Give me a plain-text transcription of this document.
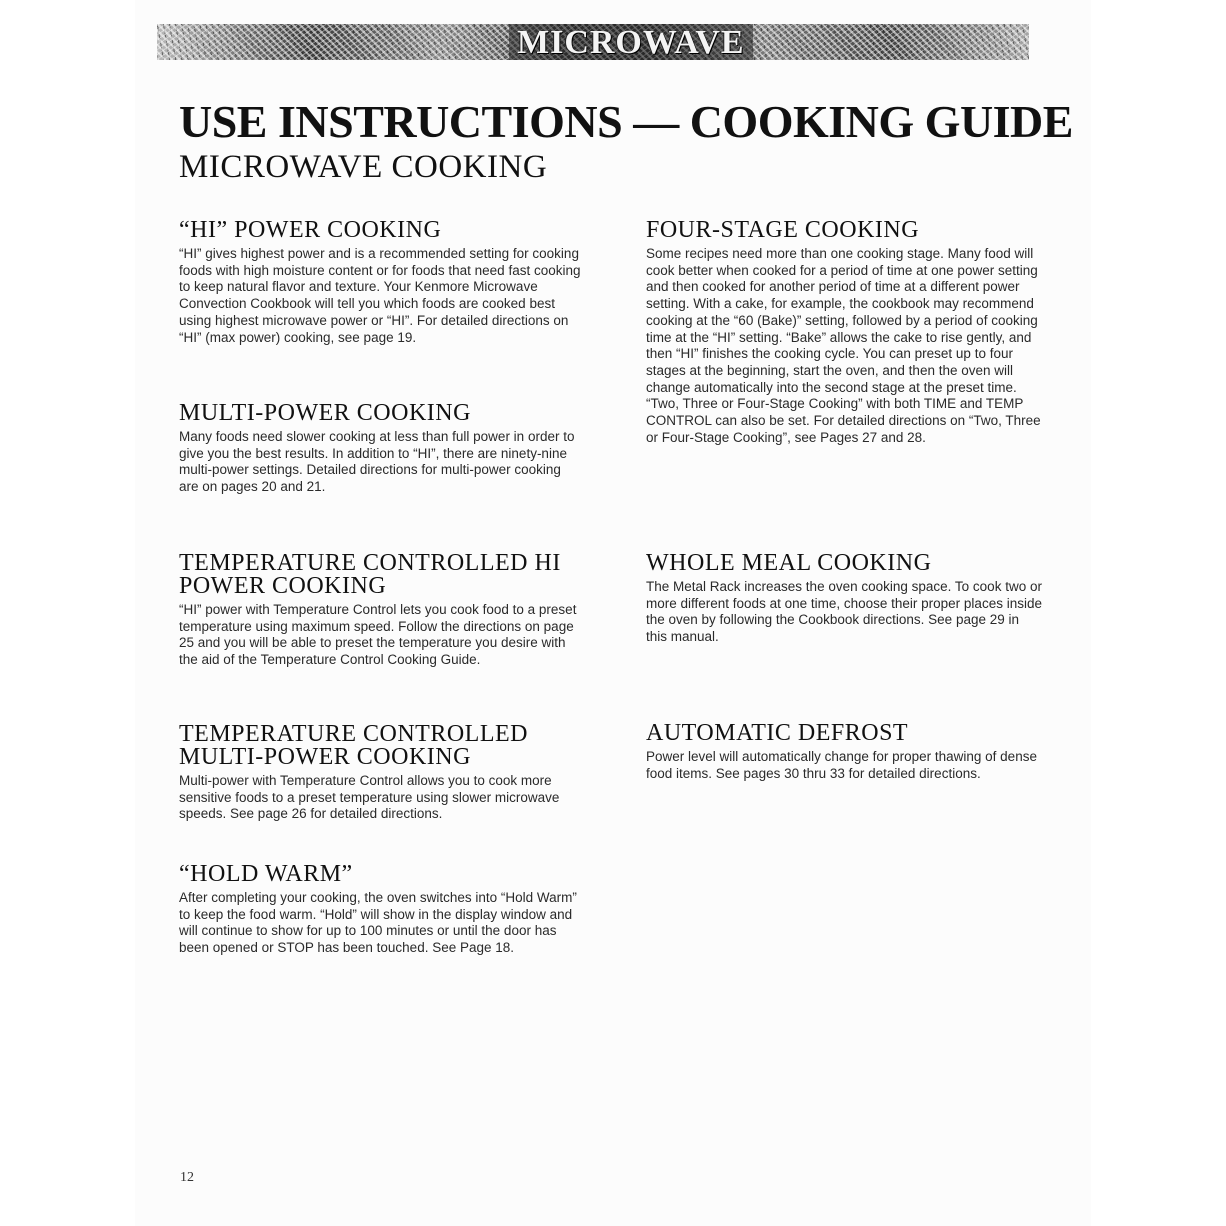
MICROWAVE
USE INSTRUCTIONS — COOKING GUIDE
MICROWAVE COOKING
“HI” POWER COOKING

“HI” gives highest power and is a recommended setting for cooking foods with high moisture content or for foods that need fast cooking to keep natural flavor and texture. Your Kenmore Microwave Convection Cookbook will tell you which foods are cooked best using highest microwave power or “HI”. For detailed directions on “HI” (max power) cooking, see page 19.

MULTI-POWER COOKING

Many foods need slower cooking at less than full power in order to give you the best results. In addition to “HI”, there are ninety-nine multi-power settings. Detailed directions for multi-power cooking are on pages 20 and 21.

TEMPERATURE CONTROLLED HI POWER COOKING

“HI” power with Temperature Control lets you cook food to a preset temperature using maximum speed. Follow the directions on page 25 and you will be able to preset the temperature you desire with the aid of the Temperature Control Cooking Guide.

TEMPERATURE CONTROLLED MULTI-POWER COOKING

Multi-power with Temperature Control allows you to cook more sensitive foods to a preset temperature using slower microwave speeds. See page 26 for detailed directions.

“HOLD WARM”

After completing your cooking, the oven switches into “Hold Warm” to keep the food warm. “Hold” will show in the display window and will continue to show for up to 100 minutes or until the door has been opened or STOP has been touched. See Page 18.

FOUR-STAGE COOKING

Some recipes need more than one cooking stage. Many food will cook better when cooked for a period of time at one power setting and then cooked for another period of time at a different power setting. With a cake, for example, the cookbook may recommend cooking at the “60 (Bake)” setting, followed by a period of cooking time at the “HI” setting. “Bake” allows the cake to rise gently, and then “HI” finishes the cooking cycle. You can preset up to four stages at the beginning, start the oven, and then the oven will change automatically into the second stage at the preset time. “Two, Three or Four-Stage Cooking” with both TIME and TEMP CONTROL can also be set. For detailed directions on “Two, Three or Four-Stage Cooking”, see Pages 27 and 28.

WHOLE MEAL COOKING

The Metal Rack increases the oven cooking space. To cook two or more different foods at one time, choose their proper places inside the oven by following the Cookbook directions. See page 29 in this manual.

AUTOMATIC DEFROST

Power level will automatically change for proper thawing of dense food items. See pages 30 thru 33 for detailed directions.

12
